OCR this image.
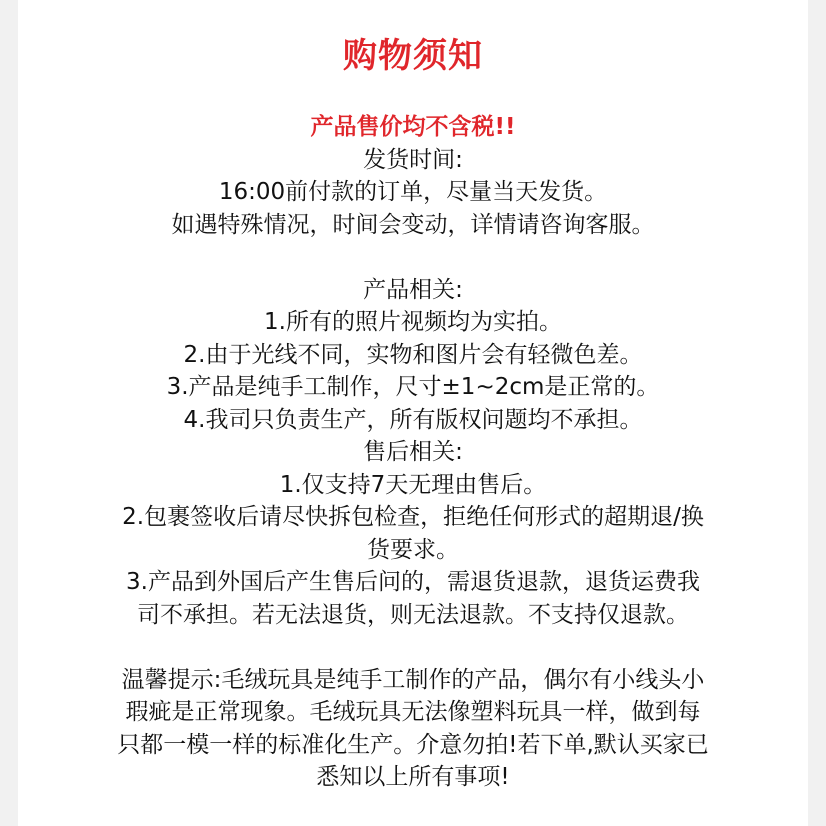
购物须知
产品售价均不含税!!
发货时间:
16:00前付款的订单，尽量当天发货。
如遇特殊情况，时间会变动，详情请咨询客服。
产品相关:
1.所有的照片视频均为实拍。
2.由于光线不同，实物和图片会有轻微色差。
3.产品是纯手工制作，尺寸±1~2cm是正常的。
4.我司只负责生产，所有版权问题均不承担。
售后相关:
1.仅支持7天无理由售后。
2.包裹签收后请尽快拆包检查，拒绝任何形式的超期退/换
货要求。
3.产品到外国后产生售后问的，需退货退款，退货运费我
司不承担。若无法退货，则无法退款。不支持仅退款。
温馨提示:毛绒玩具是纯手工制作的产品，偶尔有小线头小
瑕疵是正常现象。毛绒玩具无法像塑料玩具一样，做到每
只都一模一样的标准化生产。介意勿拍!若下单,默认买家已
悉知以上所有事项!
